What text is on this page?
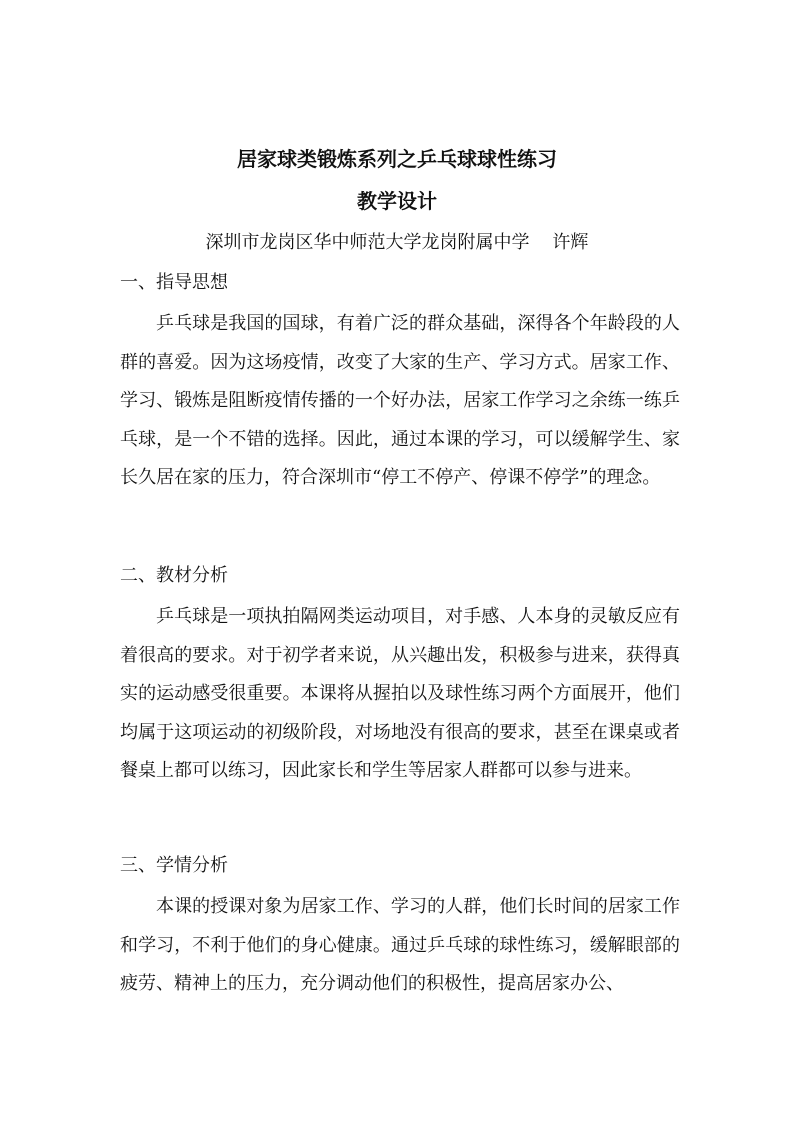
居家球类锻炼系列之乒乓球球性练习
教学设计
深圳市龙岗区华中师范大学龙岗附属中学    许辉
一、指导思想

乒乓球是我国的国球，有着广泛的群众基础，深得各个年龄段的人群的喜爱。因为这场疫情，改变了大家的生产、学习方式。居家工作、学习、锻炼是阻断疫情传播的一个好办法，居家工作学习之余练一练乒乓球，是一个不错的选择。因此，通过本课的学习，可以缓解学生、家长久居在家的压力，符合深圳市“停工不停产、停课不停学”的理念。

二、教材分析

乒乓球是一项执拍隔网类运动项目，对手感、人本身的灵敏反应有着很高的要求。对于初学者来说，从兴趣出发，积极参与进来，获得真实的运动感受很重要。本课将从握拍以及球性练习两个方面展开，他们均属于这项运动的初级阶段，对场地没有很高的要求，甚至在课桌或者餐桌上都可以练习，因此家长和学生等居家人群都可以参与进来。

三、学情分析

本课的授课对象为居家工作、学习的人群，他们长时间的居家工作和学习，不利于他们的身心健康。通过乒乓球的球性练习，缓解眼部的疲劳、精神上的压力，充分调动他们的积极性，提高居家办公、
